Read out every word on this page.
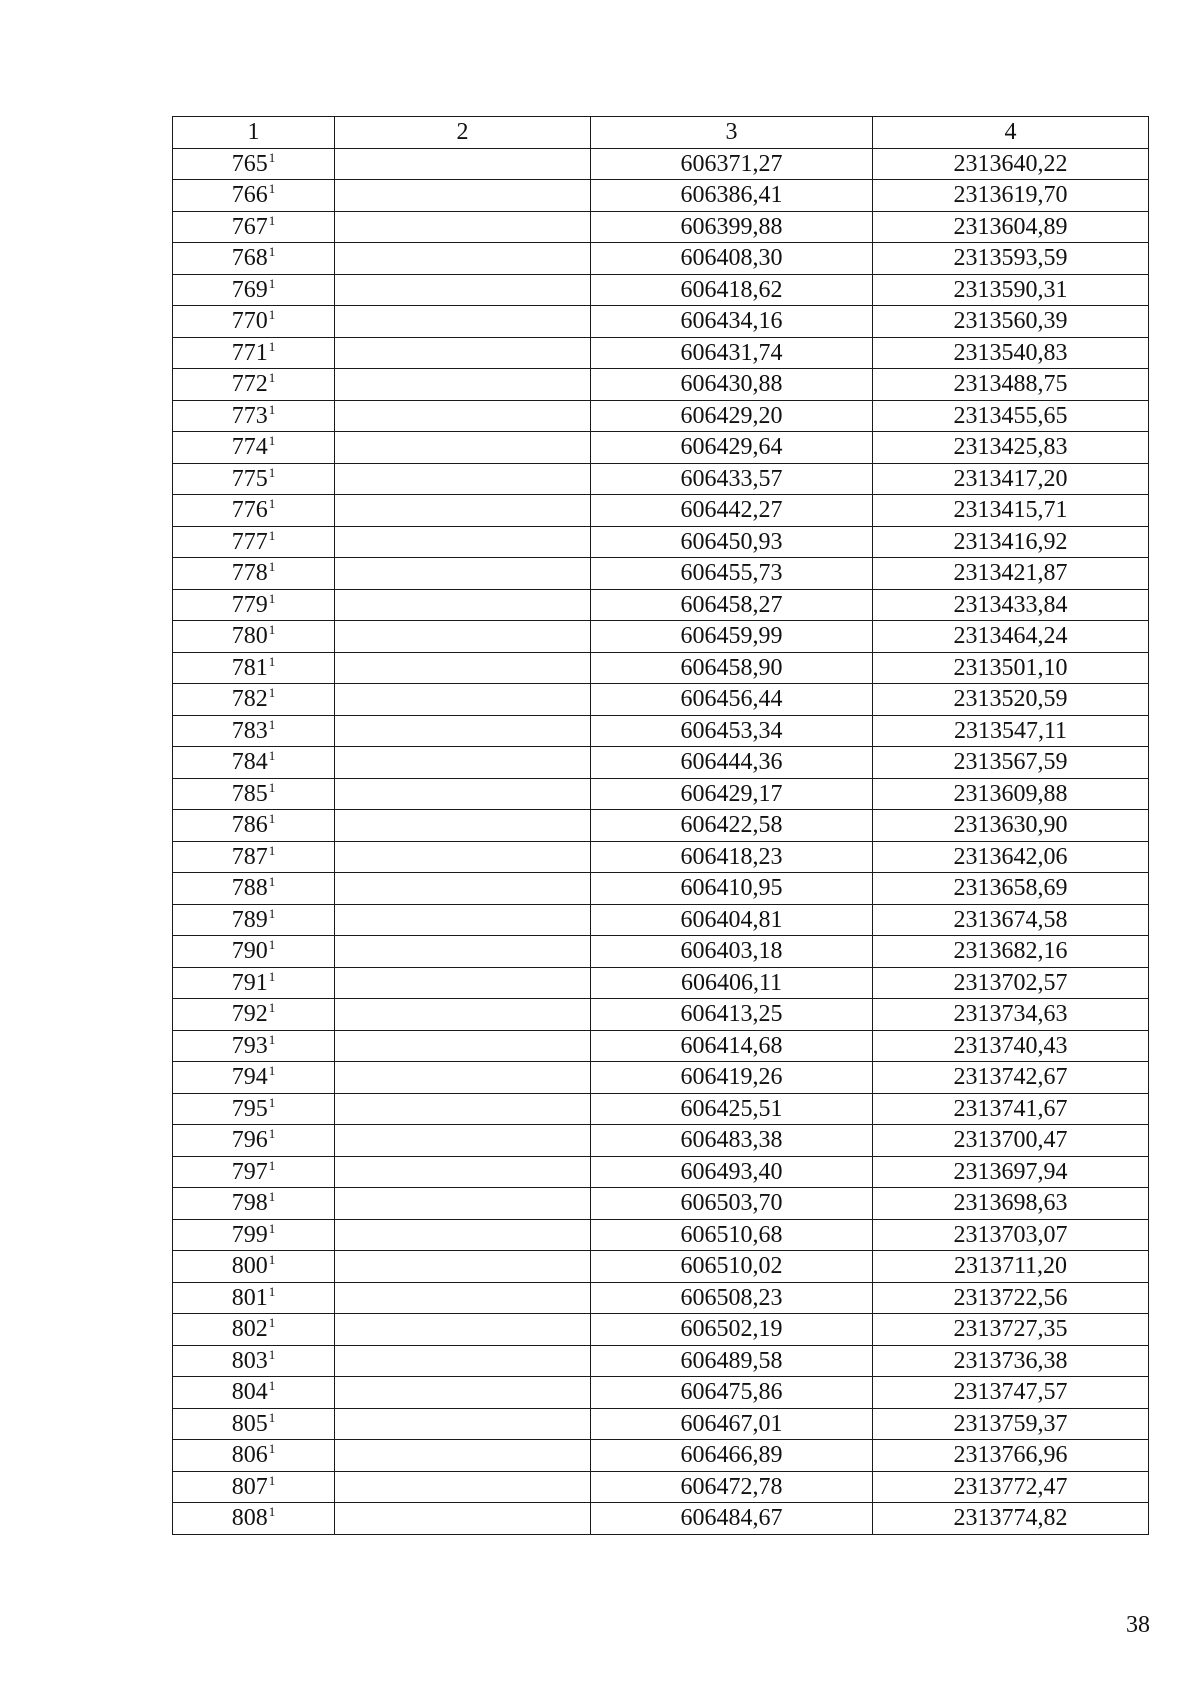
1	2	3	4
$765^1$		606371,27	2313640,22
$766^1$		606386,41	2313619,70
$767^1$		606399,88	2313604,89
$768^1$		606408,30	2313593,59
$769^1$		606418,62	2313590,31
$770^1$		606434,16	2313560,39
$771^1$		606431,74	2313540,83
$772^1$		606430,88	2313488,75
$773^1$		606429,20	2313455,65
$774^1$		606429,64	2313425,83
$775^1$		606433,57	2313417,20
$776^1$		606442,27	2313415,71
$777^1$		606450,93	2313416,92
$778^1$		606455,73	2313421,87
$779^1$		606458,27	2313433,84
$780^1$		606459,99	2313464,24
$781^1$		606458,90	2313501,10
$782^1$		606456,44	2313520,59
$783^1$		606453,34	2313547,11
$784^1$		606444,36	2313567,59
$785^1$		606429,17	2313609,88
$786^1$		606422,58	2313630,90
$787^1$		606418,23	2313642,06
$788^1$		606410,95	2313658,69
$789^1$		606404,81	2313674,58
$790^1$		606403,18	2313682,16
$791^1$		606406,11	2313702,57
$792^1$		606413,25	2313734,63
$793^1$		606414,68	2313740,43
$794^1$		606419,26	2313742,67
$795^1$		606425,51	2313741,67
$796^1$		606483,38	2313700,47
$797^1$		606493,40	2313697,94
$798^1$		606503,70	2313698,63
$799^1$		606510,68	2313703,07
$800^1$		606510,02	2313711,20
$801^1$		606508,23	2313722,56
$802^1$		606502,19	2313727,35
$803^1$		606489,58	2313736,38
$804^1$		606475,86	2313747,57
$805^1$		606467,01	2313759,37
$806^1$		606466,89	2313766,96
$807^1$		606472,78	2313772,47
$808^1$		606484,67	2313774,82
38
